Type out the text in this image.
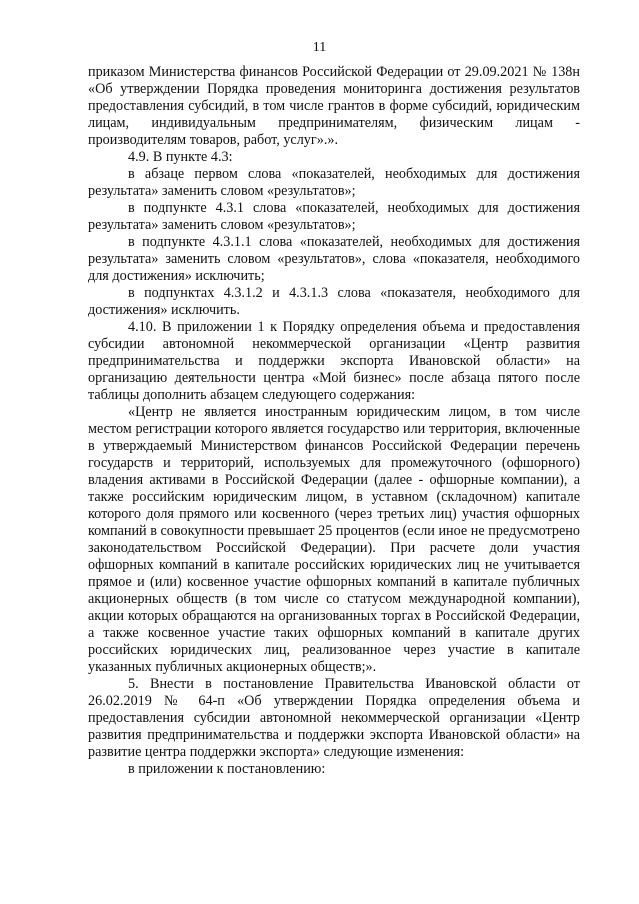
11

приказом Министерства финансов Российской Федерации от 29.09.2021 № 138н «Об утверждении Порядка проведения мониторинга достижения результатов предоставления субсидий, в том числе грантов в форме субсидий, юридическим лицам, индивидуальным предпринимателям, физическим лицам - производителям товаров, работ, услуг».».

4.9. В пункте 4.3:

в абзаце первом слова «показателей, необходимых для достижения результата» заменить словом «результатов»;

в подпункте 4.3.1 слова «показателей, необходимых для достижения результата» заменить словом «результатов»;

в подпункте 4.3.1.1 слова «показателей, необходимых для достижения результата» заменить словом «результатов», слова «показателя, необходимого для достижения» исключить;

в подпунктах 4.3.1.2 и 4.3.1.3 слова «показателя, необходимого для достижения» исключить.

4.10. В приложении 1 к Порядку определения объема и предоставления субсидии автономной некоммерческой организации «Центр развития предпринимательства и поддержки экспорта Ивановской области» на организацию деятельности центра «Мой бизнес» после абзаца пятого после таблицы дополнить абзацем следующего содержания:

«Центр не является иностранным юридическим лицом, в том числе местом регистрации которого является государство или территория, включенные в утверждаемый Министерством финансов Российской Федерации перечень государств и территорий, используемых для промежуточного (офшорного) владения активами в Российской Федерации (далее - офшорные компании), а также российским юридическим лицом, в уставном (складочном) капитале которого доля прямого или косвенного (через третьих лиц) участия офшорных компаний в совокупности превышает 25 процентов (если иное не предусмотрено законодательством Российской Федерации). При расчете доли участия офшорных компаний в капитале российских юридических лиц не учитывается прямое и (или) косвенное участие офшорных компаний в капитале публичных акционерных обществ (в том числе со статусом международной компании), акции которых обращаются на организованных торгах в Российской Федерации, а также косвенное участие таких офшорных компаний в капитале других российских юридических лиц, реализованное через участие в капитале указанных публичных акционерных обществ;».

5. Внести в постановление Правительства Ивановской области от 26.02.2019 № 64-п «Об утверждении Порядка определения объема и предоставления субсидии автономной некоммерческой организации «Центр развития предпринимательства и поддержки экспорта Ивановской области» на развитие центра поддержки экспорта» следующие изменения:

в приложении к постановлению:
